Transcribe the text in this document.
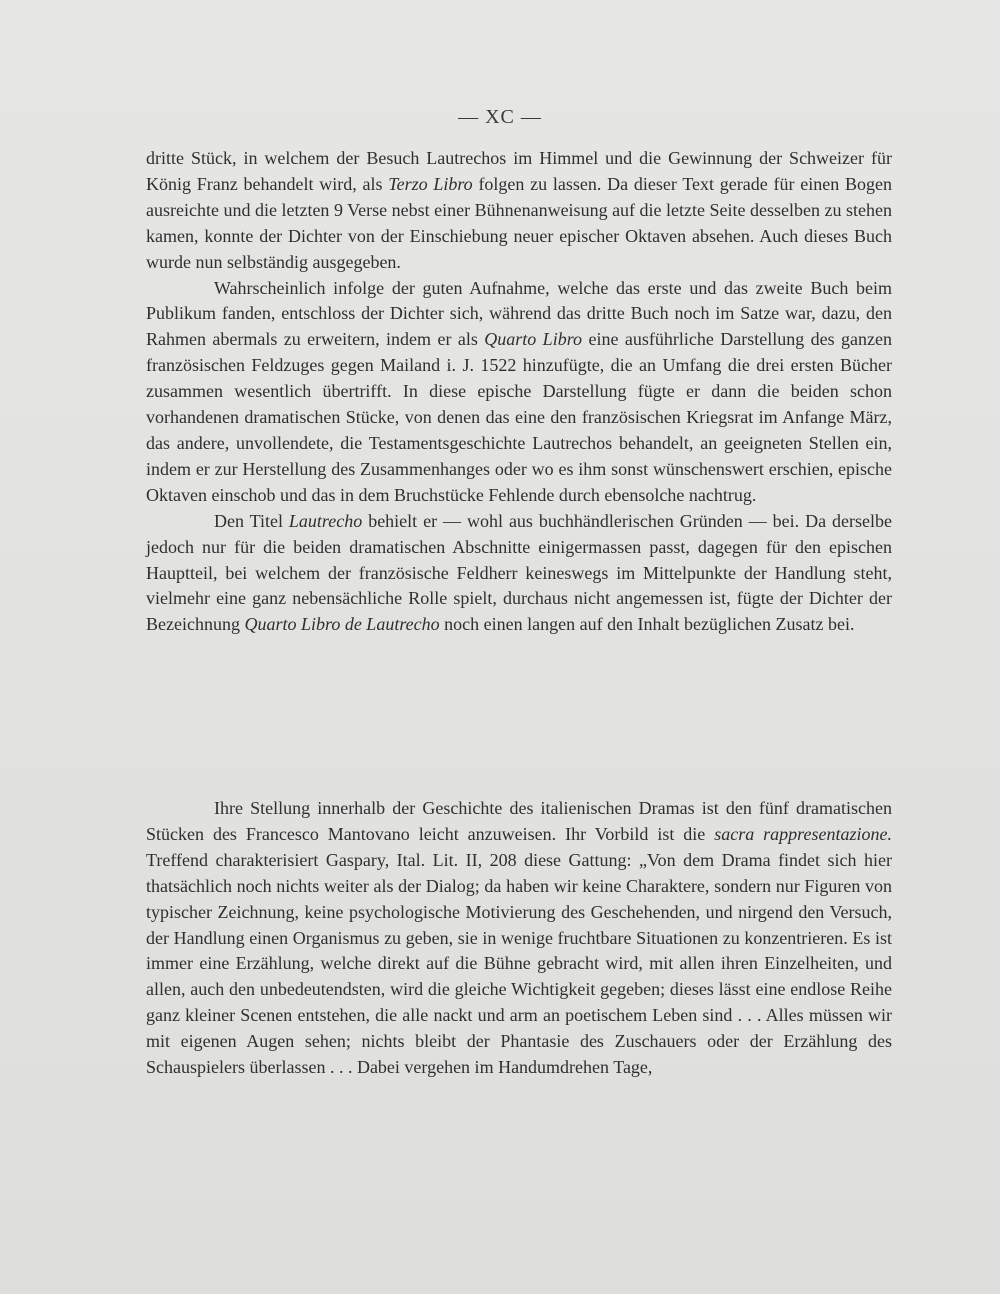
— XC —

dritte Stück, in welchem der Besuch Lautrechos im Himmel und die Gewinnung der Schweizer für König Franz behandelt wird, als Terzo Libro folgen zu lassen. Da dieser Text gerade für einen Bogen ausreichte und die letzten 9 Verse nebst einer Bühnenanweisung auf die letzte Seite desselben zu stehen kamen, konnte der Dichter von der Einschiebung neuer epischer Oktaven absehen. Auch dieses Buch wurde nun selbständig ausgegeben.

Wahrscheinlich infolge der guten Aufnahme, welche das erste und das zweite Buch beim Publikum fanden, entschloss der Dichter sich, während das dritte Buch noch im Satze war, dazu, den Rahmen abermals zu erweitern, indem er als Quarto Libro eine ausführliche Darstellung des ganzen französischen Feldzuges gegen Mailand i. J. 1522 hinzufügte, die an Umfang die drei ersten Bücher zusammen wesentlich übertrifft. In diese epische Darstellung fügte er dann die beiden schon vorhandenen dramatischen Stücke, von denen das eine den französischen Kriegsrat im Anfange März, das andere, unvollendete, die Testamentsgeschichte Lautrechos behandelt, an geeigneten Stellen ein, indem er zur Herstellung des Zusammenhanges oder wo es ihm sonst wünschenswert erschien, epische Oktaven einschob und das in dem Bruchstücke Fehlende durch ebensolche nachtrug.

Den Titel Lautrecho behielt er — wohl aus buchhändlerischen Gründen — bei. Da derselbe jedoch nur für die beiden dramatischen Abschnitte einigermassen passt, dagegen für den epischen Hauptteil, bei welchem der französische Feldherr keineswegs im Mittelpunkte der Handlung steht, vielmehr eine ganz nebensächliche Rolle spielt, durchaus nicht angemessen ist, fügte der Dichter der Bezeichnung Quarto Libro de Lautrecho noch einen langen auf den Inhalt bezüglichen Zusatz bei.

Ihre Stellung innerhalb der Geschichte des italienischen Dramas ist den fünf dramatischen Stücken des Francesco Mantovano leicht anzuweisen. Ihr Vorbild ist die sacra rappresentazione. Treffend charakterisiert Gaspary, Ital. Lit. II, 208 diese Gattung: „Von dem Drama findet sich hier thatsächlich noch nichts weiter als der Dialog; da haben wir keine Charaktere, sondern nur Figuren von typischer Zeichnung, keine psychologische Motivierung des Geschehenden, und nirgend den Versuch, der Handlung einen Organismus zu geben, sie in wenige fruchtbare Situationen zu konzentrieren. Es ist immer eine Erzählung, welche direkt auf die Bühne gebracht wird, mit allen ihren Einzelheiten, und allen, auch den unbedeutendsten, wird die gleiche Wichtigkeit gegeben; dieses lässt eine endlose Reihe ganz kleiner Scenen entstehen, die alle nackt und arm an poetischem Leben sind . . . Alles müssen wir mit eigenen Augen sehen; nichts bleibt der Phantasie des Zuschauers oder der Erzählung des Schauspielers überlassen . . . Dabei vergehen im Handumdrehen Tage,
